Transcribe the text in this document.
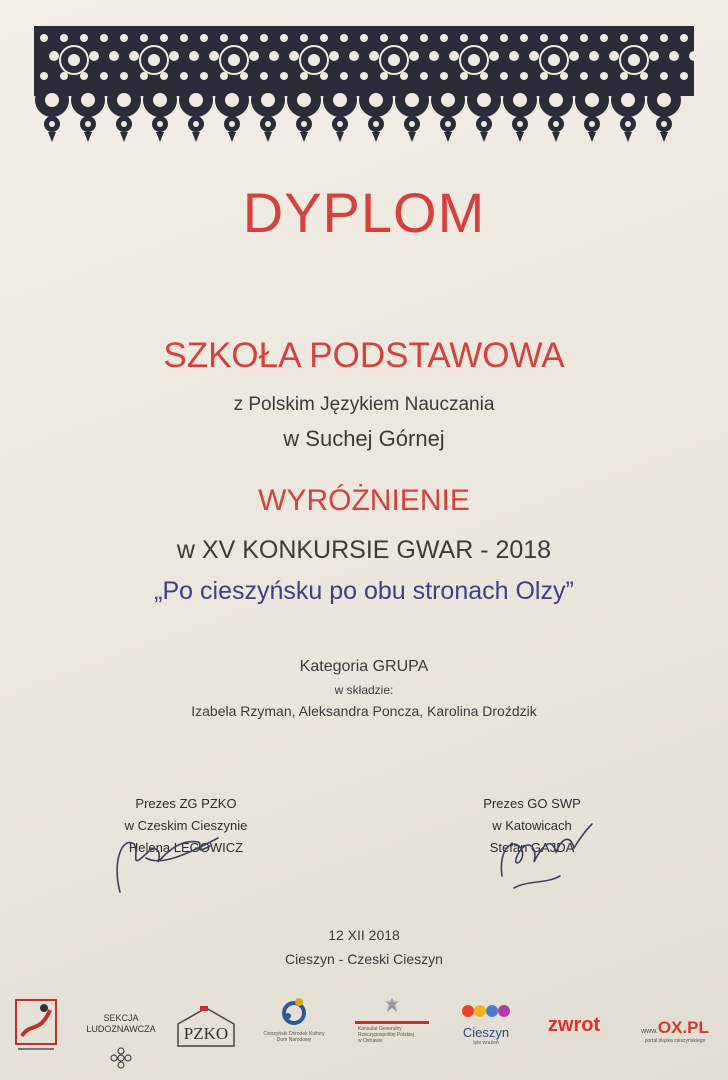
DYPLOM
SZKOŁA PODSTAWOWA
z Polskim Językiem Nauczania
w Suchej Górnej
WYRÓŻNIENIE
w XV KONKURSIE GWAR - 2018
„Po cieszyńsku po obu stronach Olzy”
Kategoria GRUPA
w składzie:
Izabela Rzyman, Aleksandra Poncza, Karolina Droździk
Prezes ZG PZKO
w Czeskim Cieszynie
Helena LEGOWICZ
Prezes GO SWP
w Katowicach
Stefan GAJDA
12 XII 2018
Cieszyn - Czeski Cieszyn

SEKCJA
LUDOZNAWCZA	PZKO	Cieszyński Ośrodek Kultury
Dom Narodowy
Konsulat Generalny
Rzeczypospolitej Polskiej
w Ostrawie
Cieszyn
tyle wrażeń
zwrot	www.OX.PL
portal śląska cieszyńskiego
